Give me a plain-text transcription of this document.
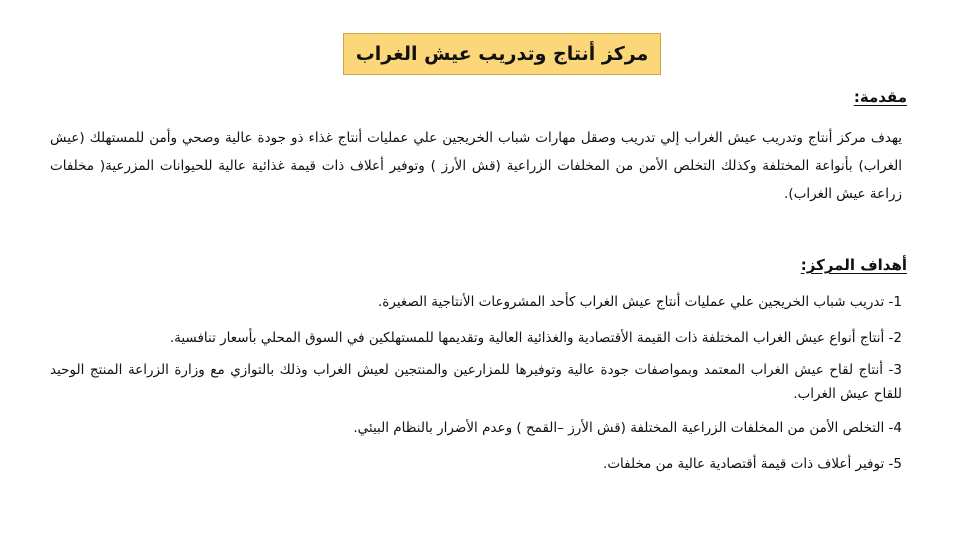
مركز أنتاج وتدريب عيش الغراب
مقدمة:
يهدف مركز أنتاج وتدريب عيش الغراب إلي تدريب وصقل مهارات شباب الخريجين علي عمليات أنتاج غذاء ذو جودة عالية وصحي وأمن للمستهلك (عيش الغراب) بأنواعة المختلفة وكذلك التخلص الأمن من المخلفات الزراعية (قش الأرز ) وتوفير أعلاف ذات قيمة غذائية عالية للحيوانات المزرعية( مخلفات زراعة عيش الغراب).
أهداف المركز:
1- تدريب شباب الخريجين علي عمليات أنتاج عيش الغراب كأحد المشروعات الأنتاجية الصغيرة.
2- أنتاج أنواع عيش الغراب المختلفة ذات القيمة الأقتصادية والغذائية العالية وتقديمها للمستهلكين في السوق المحلي بأسعار تنافسية.
3- أنتاج لقاح عيش الغراب المعتمد وبمواصفات جودة عالية وتوفيرها للمزارعين والمنتجين لعيش الغراب وذلك بالتوازي مع وزارة الزراعة المنتج الوحيد للقاح عيش الغراب.
4- التخلص الأمن من المخلفات الزراعية المختلفة (قش الأرز –القمح ) وعدم الأضرار بالنظام البيئي.
5- توفير أعلاف ذات قيمة أقتصادية عالية من مخلفات.
